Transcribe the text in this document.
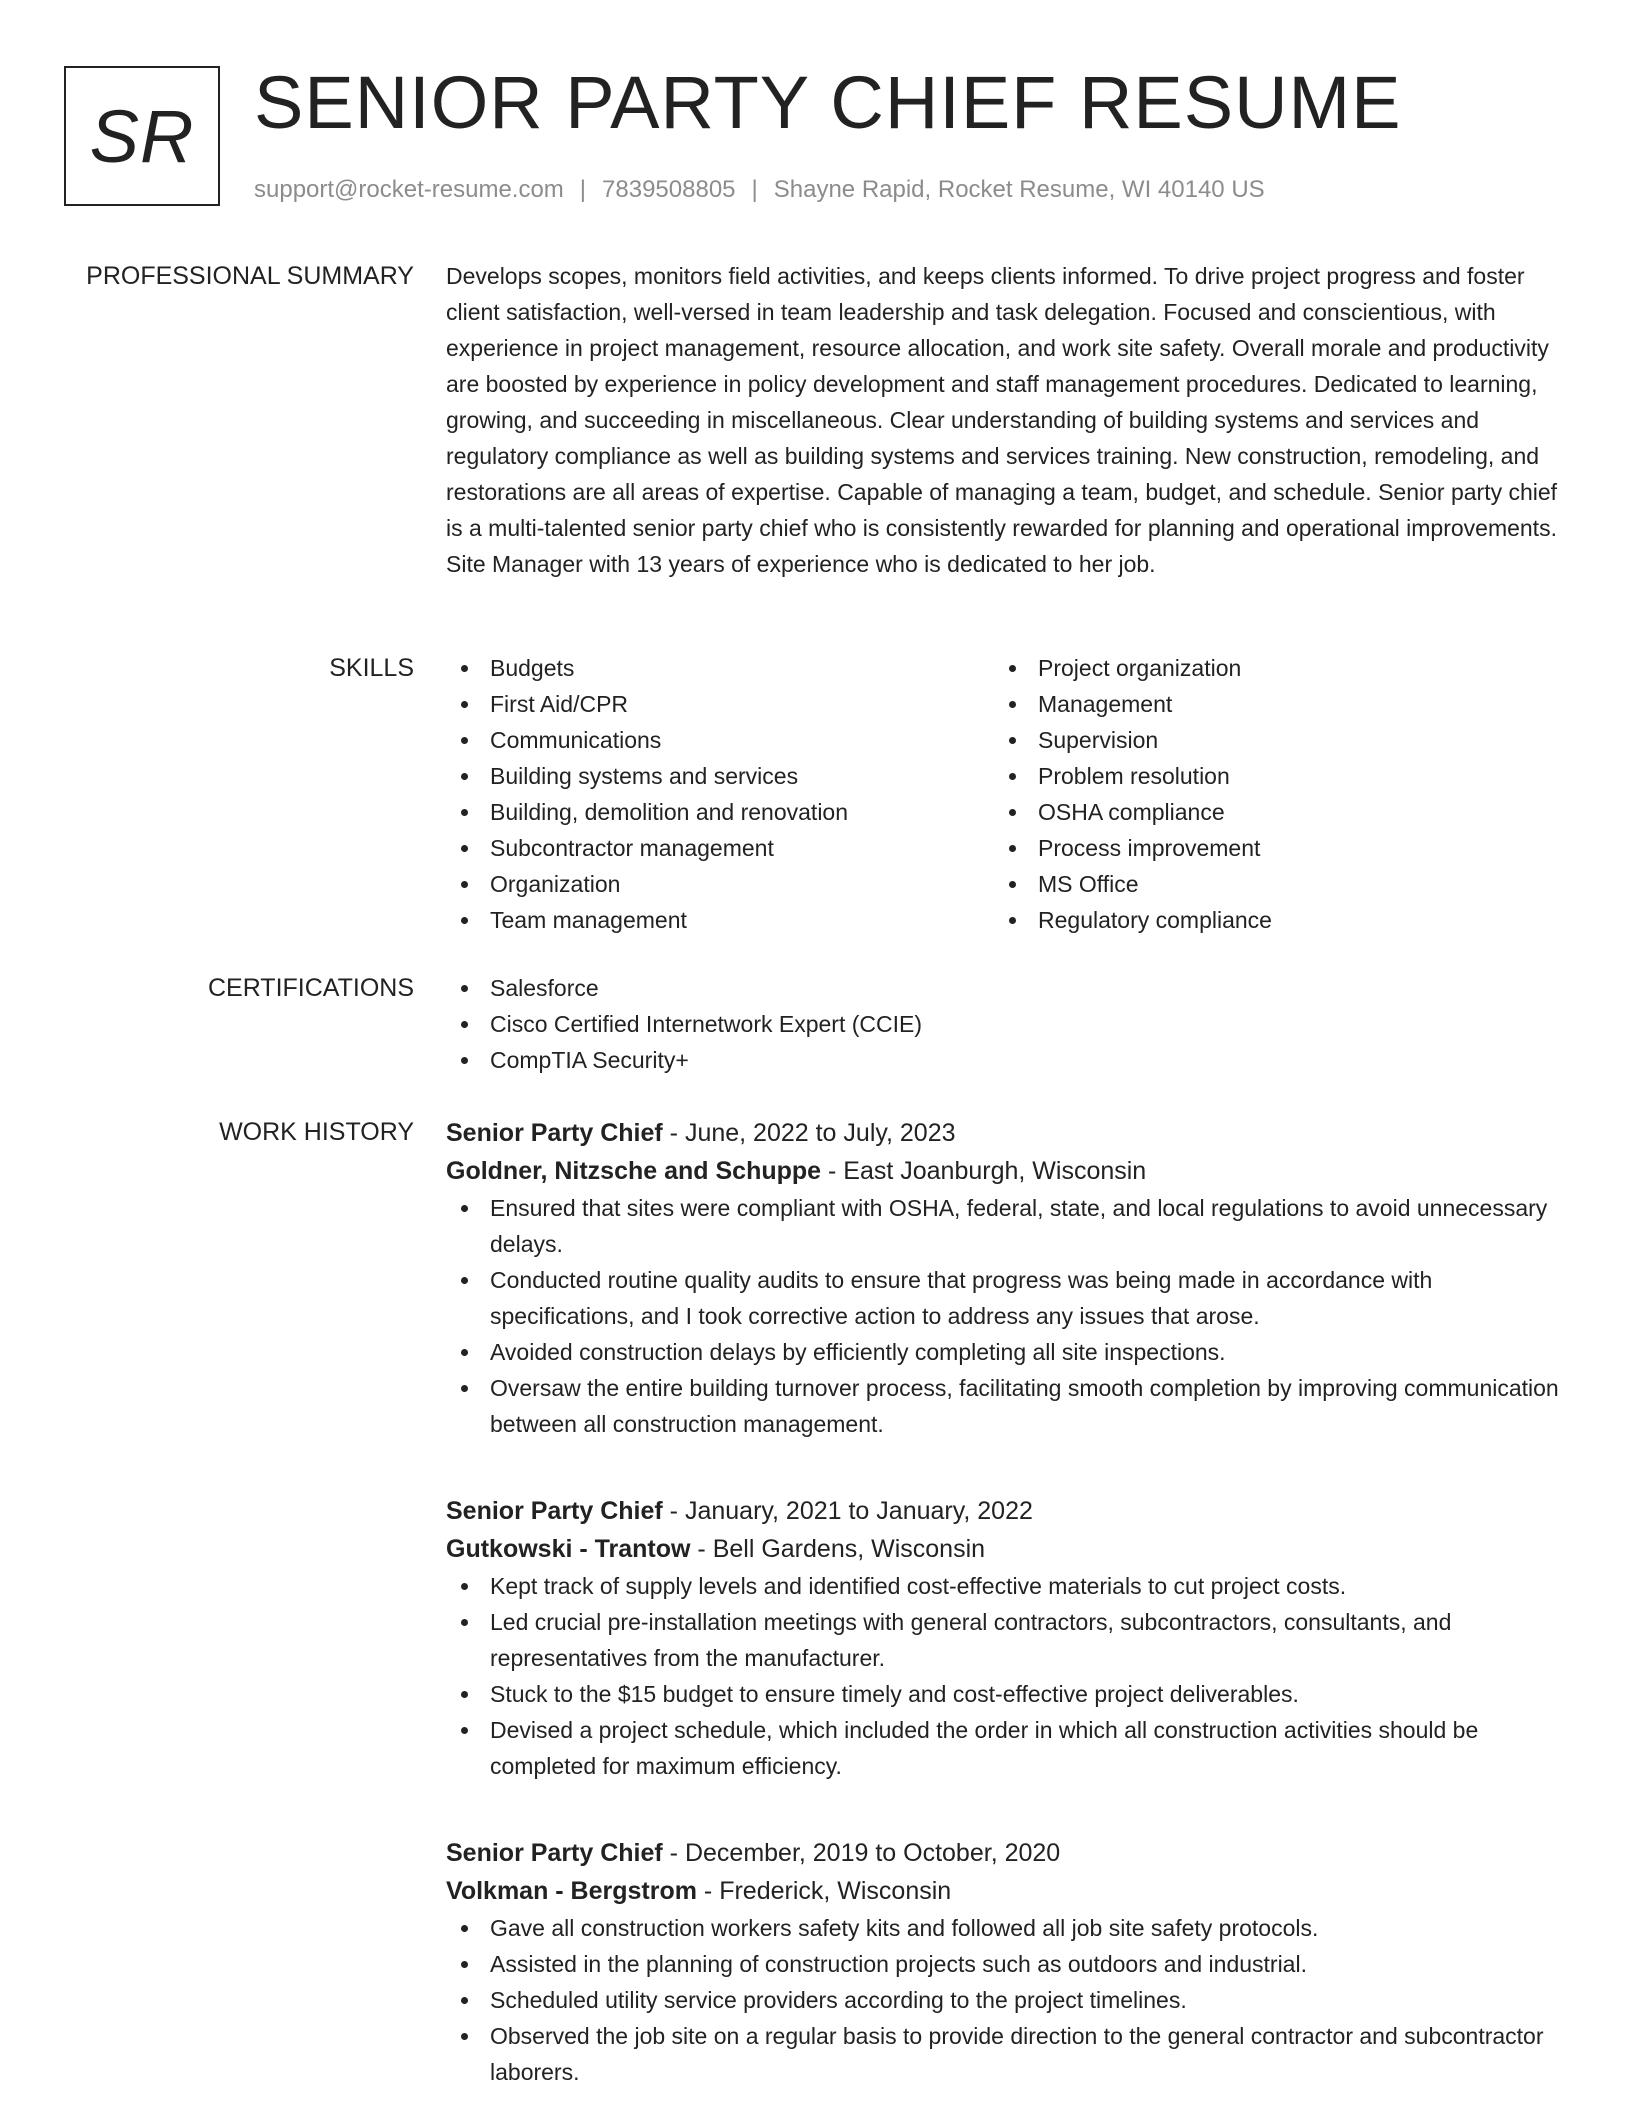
SR SENIOR PARTY CHIEF RESUME
support@rocket-resume.com | 7839508805 | Shayne Rapid, Rocket Resume, WI 40140 US
PROFESSIONAL SUMMARY Develops scopes, monitors field activities, and keeps clients informed. To drive project progress and foster client satisfaction, well-versed in team leadership and task delegation. Focused and conscientious, with experience in project management, resource allocation, and work site safety. Overall morale and productivity are boosted by experience in policy development and staff management procedures. Dedicated to learning, growing, and succeeding in miscellaneous. Clear understanding of building systems and services and regulatory compliance as well as building systems and services training. New construction, remodeling, and restorations are all areas of expertise. Capable of managing a team, budget, and schedule. Senior party chief is a multi-talented senior party chief who is consistently rewarded for planning and operational improvements. Site Manager with 13 years of experience who is dedicated to her job.

SKILLS	Budgets
First Aid/CPR
Communications
Building systems and services
Building, demolition and renovation
Subcontractor management
Organization
Team management
Project organization
Management
Supervision
Problem resolution
OSHA compliance
Process improvement
MS Office
Regulatory compliance
CERTIFICATIONS	Salesforce
Cisco Certified Internetwork Expert (CCIE)
CompTIA Security+
WORK HISTORY Senior Party Chief - June, 2022 to July, 2023
Goldner, Nitzsche and Schuppe - East Joanburgh, Wisconsin
Ensured that sites were compliant with OSHA, federal, state, and local regulations to avoid unnecessary delays.
Conducted routine quality audits to ensure that progress was being made in accordance with specifications, and I took corrective action to address any issues that arose.
Avoided construction delays by efficiently completing all site inspections.
Oversaw the entire building turnover process, facilitating smooth completion by improving communication between all construction management.
Senior Party Chief - January, 2021 to January, 2022
Gutkowski - Trantow - Bell Gardens, Wisconsin
Kept track of supply levels and identified cost-effective materials to cut project costs.
Led crucial pre-installation meetings with general contractors, subcontractors, consultants, and representatives from the manufacturer.
Stuck to the $15 budget to ensure timely and cost-effective project deliverables.
Devised a project schedule, which included the order in which all construction activities should be completed for maximum efficiency.
Senior Party Chief - December, 2019 to October, 2020
Volkman - Bergstrom - Frederick, Wisconsin
Gave all construction workers safety kits and followed all job site safety protocols.
Assisted in the planning of construction projects such as outdoors and industrial.
Scheduled utility service providers according to the project timelines.
Observed the job site on a regular basis to provide direction to the general contractor and subcontractor laborers.
